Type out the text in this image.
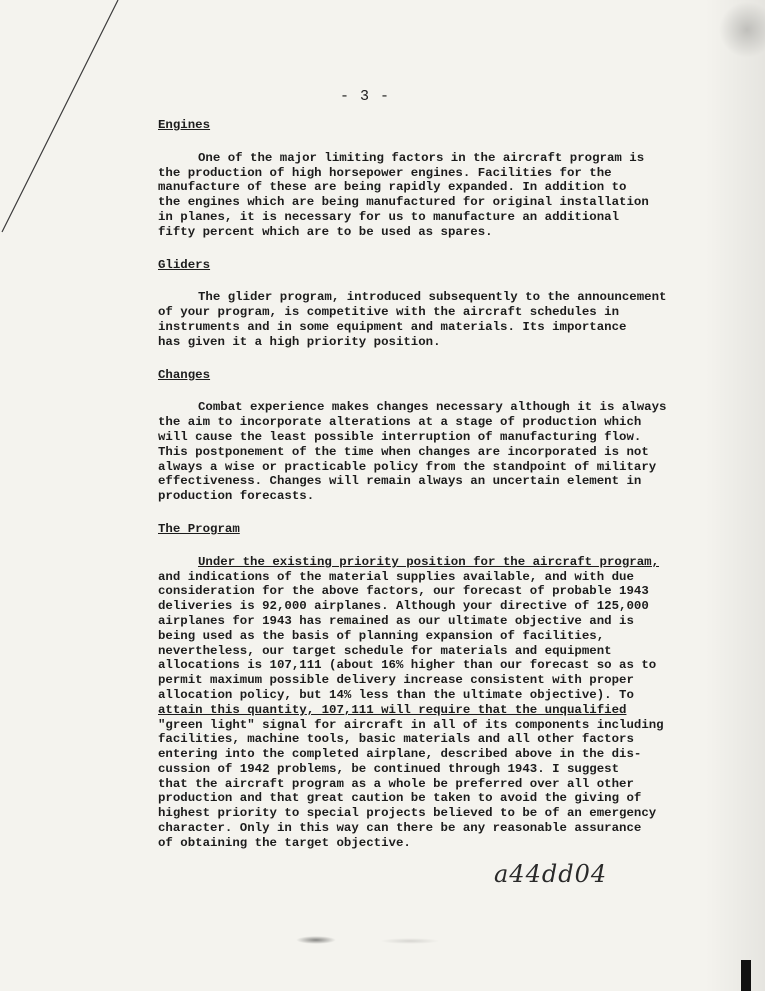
- 3 -
Engines
One of the major limiting factors in the aircraft program is
the production of high horsepower engines. Facilities for the
manufacture of these are being rapidly expanded. In addition to
the engines which are being manufactured for original installation
in planes, it is necessary for us to manufacture an additional
fifty percent which are to be used as spares.
Gliders
The glider program, introduced subsequently to the announcement
of your program, is competitive with the aircraft schedules in
instruments and in some equipment and materials. Its importance
has given it a high priority position.
Changes
Combat experience makes changes necessary although it is always
the aim to incorporate alterations at a stage of production which
will cause the least possible interruption of manufacturing flow.
This postponement of the time when changes are incorporated is not
always a wise or practicable policy from the standpoint of military
effectiveness. Changes will remain always an uncertain element in
production forecasts.
The Program
Under the existing priority position for the aircraft program,
and indications of the material supplies available, and with due
consideration for the above factors, our forecast of probable 1943
deliveries is 92,000 airplanes. Although your directive of 125,000
airplanes for 1943 has remained as our ultimate objective and is
being used as the basis of planning expansion of facilities,
nevertheless, our target schedule for materials and equipment
allocations is 107,111 (about 16% higher than our forecast so as to
permit maximum possible delivery increase consistent with proper
allocation policy, but 14% less than the ultimate objective). To
attain this quantity, 107,111 will require that the unqualified
"green light" signal for aircraft in all of its components including
facilities, machine tools, basic materials and all other factors
entering into the completed airplane, described above in the dis-
cussion of 1942 problems, be continued through 1943. I suggest
that the aircraft program as a whole be preferred over all other
production and that great caution be taken to avoid the giving of
highest priority to special projects believed to be of an emergency
character. Only in this way can there be any reasonable assurance
of obtaining the target objective.
a44dd04
